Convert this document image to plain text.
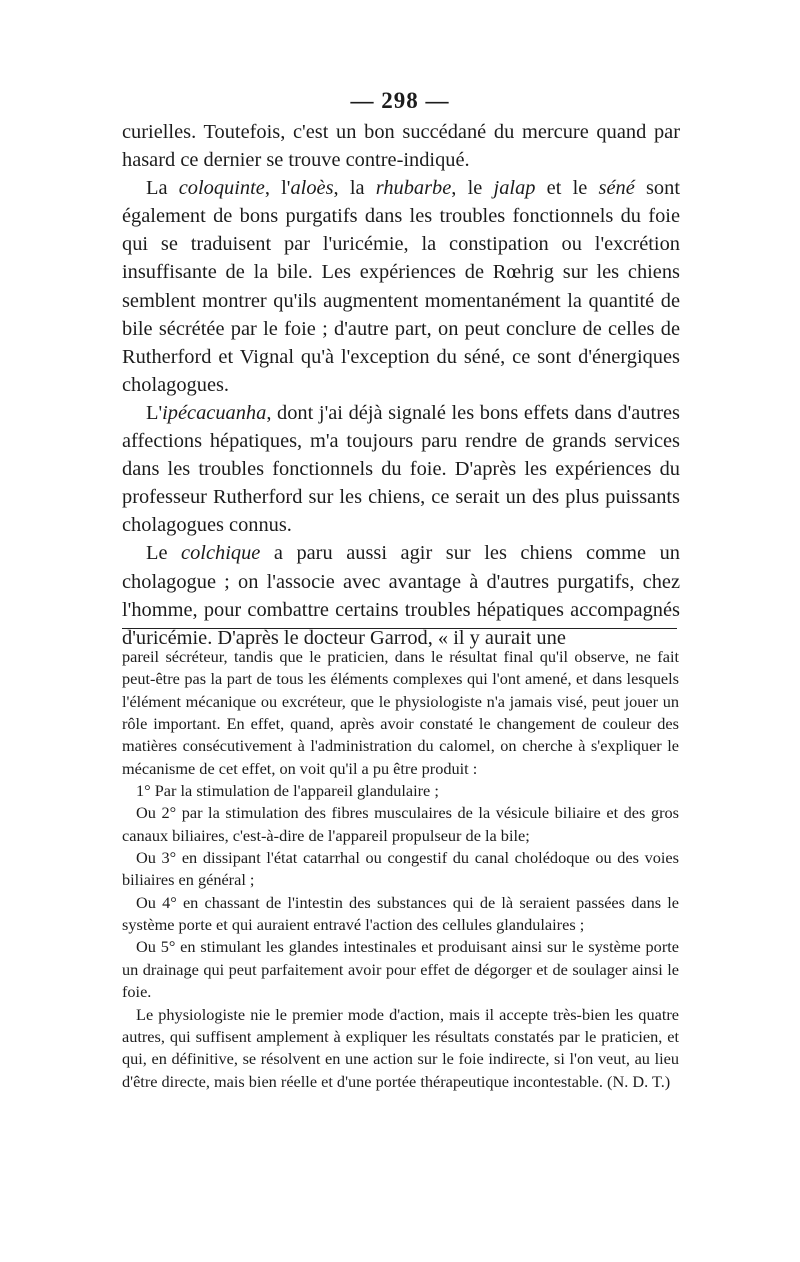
— 298 —

curielles. Toutefois, c'est un bon succédané du mercure quand par hasard ce dernier se trouve contre-indiqué.

La coloquinte, l'aloès, la rhubarbe, le jalap et le séné sont également de bons purgatifs dans les troubles fonctionnels du foie qui se traduisent par l'uricémie, la constipation ou l'excrétion insuffisante de la bile. Les expériences de Rœhrig sur les chiens semblent montrer qu'ils augmentent momentanément la quantité de bile sécrétée par le foie ; d'autre part, on peut conclure de celles de Rutherford et Vignal qu'à l'exception du séné, ce sont d'énergiques cholagogues.

L'ipécacuanha, dont j'ai déjà signalé les bons effets dans d'autres affections hépatiques, m'a toujours paru rendre de grands services dans les troubles fonctionnels du foie. D'après les expériences du professeur Rutherford sur les chiens, ce serait un des plus puissants cholagogues connus.

Le colchique a paru aussi agir sur les chiens comme un cholagogue ; on l'associe avec avantage à d'autres purgatifs, chez l'homme, pour combattre certains troubles hépatiques accompagnés d'uricémie. D'après le docteur Garrod, « il y aurait une

pareil sécréteur, tandis que le praticien, dans le résultat final qu'il observe, ne fait peut-être pas la part de tous les éléments complexes qui l'ont amené, et dans lesquels l'élément mécanique ou excréteur, que le physiologiste n'a jamais visé, peut jouer un rôle important. En effet, quand, après avoir constaté le changement de couleur des matières consécutivement à l'administration du calomel, on cherche à s'expliquer le mécanisme de cet effet, on voit qu'il a pu être produit :

1° Par la stimulation de l'appareil glandulaire ;

Ou 2° par la stimulation des fibres musculaires de la vésicule biliaire et des gros canaux biliaires, c'est-à-dire de l'appareil propulseur de la bile;

Ou 3° en dissipant l'état catarrhal ou congestif du canal cholédoque ou des voies biliaires en général ;

Ou 4° en chassant de l'intestin des substances qui de là seraient passées dans le système porte et qui auraient entravé l'action des cellules glandulaires ;

Ou 5° en stimulant les glandes intestinales et produisant ainsi sur le système porte un drainage qui peut parfaitement avoir pour effet de dégorger et de soulager ainsi le foie.

Le physiologiste nie le premier mode d'action, mais il accepte très-bien les quatre autres, qui suffisent amplement à expliquer les résultats constatés par le praticien, et qui, en définitive, se résolvent en une action sur le foie indirecte, si l'on veut, au lieu d'être directe, mais bien réelle et d'une portée thérapeutique incontestable. (N. D. T.)
